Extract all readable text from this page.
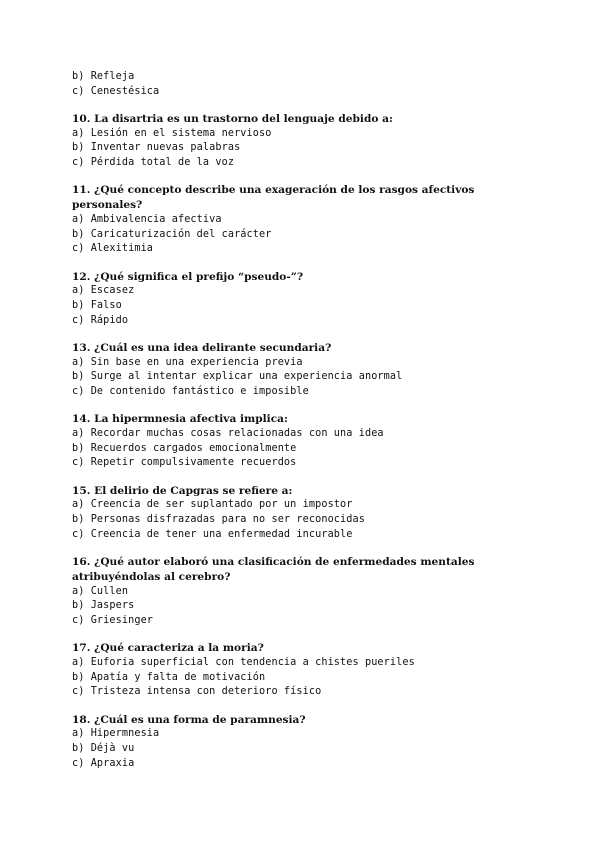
b) Refleja
c) Cenestésica
10. La disartria es un trastorno del lenguaje debido a:
a) Lesión en el sistema nervioso
b) Inventar nuevas palabras
c) Pérdida total de la voz
11. ¿Qué concepto describe una exageración de los rasgos afectivos personales?
a) Ambivalencia afectiva
b) Caricaturización del carácter
c) Alexitimia
12. ¿Qué significa el prefijo “pseudo-”?
a) Escasez
b) Falso
c) Rápido
13. ¿Cuál es una idea delirante secundaria?
a) Sin base en una experiencia previa
b) Surge al intentar explicar una experiencia anormal
c) De contenido fantástico e imposible
14. La hipermnesia afectiva implica:
a) Recordar muchas cosas relacionadas con una idea
b) Recuerdos cargados emocionalmente
c) Repetir compulsivamente recuerdos
15. El delirio de Capgras se refiere a:
a) Creencia de ser suplantado por un impostor
b) Personas disfrazadas para no ser reconocidas
c) Creencia de tener una enfermedad incurable
16. ¿Qué autor elaboró una clasificación de enfermedades mentales atribuyéndolas al cerebro?
a) Cullen
b) Jaspers
c) Griesinger
17. ¿Qué caracteriza a la moria?
a) Euforia superficial con tendencia a chistes pueriles
b) Apatía y falta de motivación
c) Tristeza intensa con deterioro físico
18. ¿Cuál es una forma de paramnesia?
a) Hipermnesia
b) Déjà vu
c) Apraxia
